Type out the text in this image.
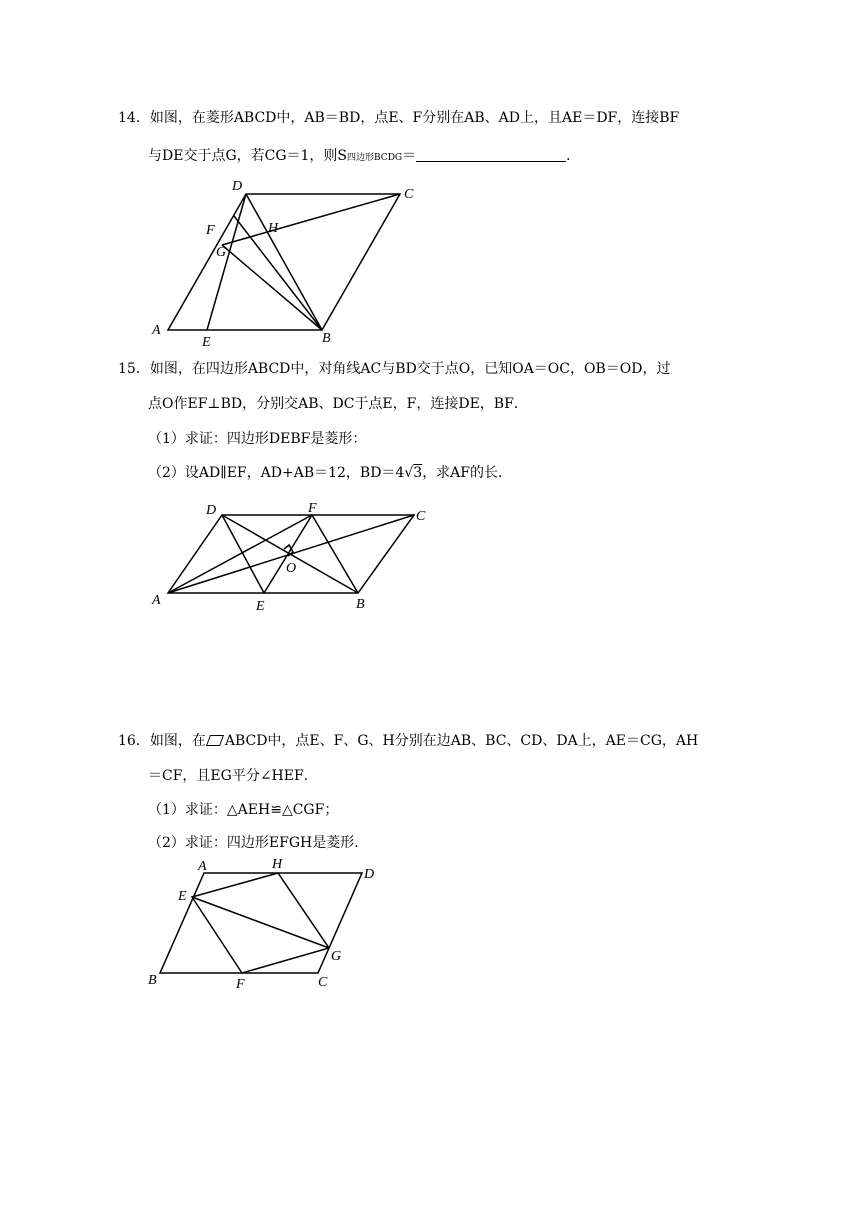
14．如图，在菱形ABCD中，AB＝BD，点E、F分别在AB、AD上，且AE＝DF，连接BF
与DE交于点G，若CG＝1，则S四边形BCDG＝	．
D
C
F	H
G
A
E	B
D	F
C
O
A	E	B
A	H
D
E
G
B	F	C
15．如图，在四边形ABCD中，对角线AC与BD交于点O，已知OA＝OC，OB＝OD，过
点O作EF⊥BD，分别交AB、DC于点E，F，连接DE，BF．
（1）求证：四边形DEBF是菱形：
（2）设AD∥EF，AD+AB＝12，BD＝4√3，求AF的长．
16．如图，在 ABCD中，点E、F、G、H分别在边AB、BC、CD、DA上，AE＝CG，AH
＝CF，且EG平分∠HEF．
（1）求证：△AEH≌△CGF；
（2）求证：四边形EFGH是菱形．
